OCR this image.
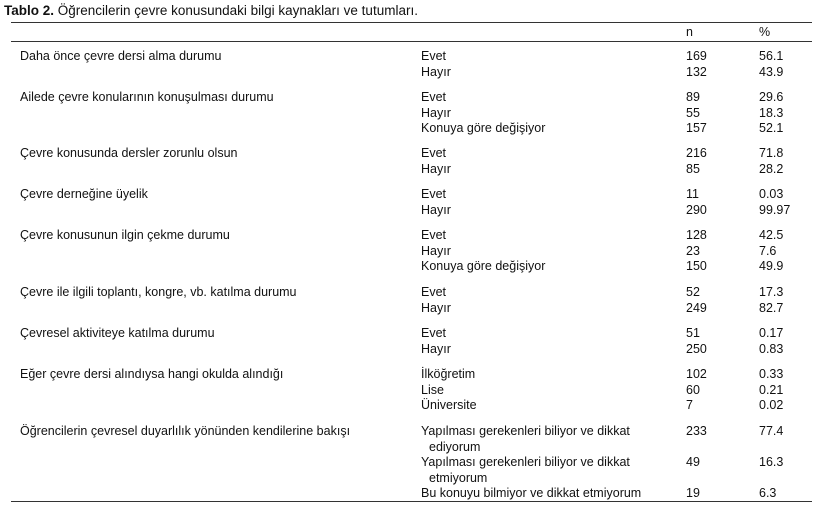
Tablo 2. Öğrencilerin çevre konusundaki bilgi kaynakları ve tutumları.
n	%
Daha önce çevre dersi alma durumu	Evet	169	56.1
Hayır	132	43.9
Ailede çevre konularının konuşulması durumu	Evet	89	29.6
Hayır	55	18.3
Konuya göre değişiyor	157	52.1
Çevre konusunda dersler zorunlu olsun	Evet	216	71.8
Hayır	85	28.2
Çevre derneğine üyelik	Evet	11	0.03
Hayır	290	99.97
Çevre konusunun ilgin çekme durumu	Evet	128	42.5
Hayır	23	7.6
Konuya göre değişiyor	150	49.9
Çevre ile ilgili toplantı, kongre, vb. katılma durumu	Evet	52	17.3
Hayır	249	82.7
Çevresel aktiviteye katılma durumu	Evet	51	0.17
Hayır	250	0.83
Eğer çevre dersi alındıysa hangi okulda alındığı	İlköğretim	102	0.33
Lise	60	0.21
Üniversite	7	0.02
Öğrencilerin çevresel duyarlılık yönünden kendilerine bakışı	Yapılması gerekenleri biliyor ve dikkat
ediyorum
233	77.4
Yapılması gerekenleri biliyor ve dikkat
etmiyorum
49	16.3
Bu konuyu bilmiyor ve dikkat etmiyorum	19	6.3
